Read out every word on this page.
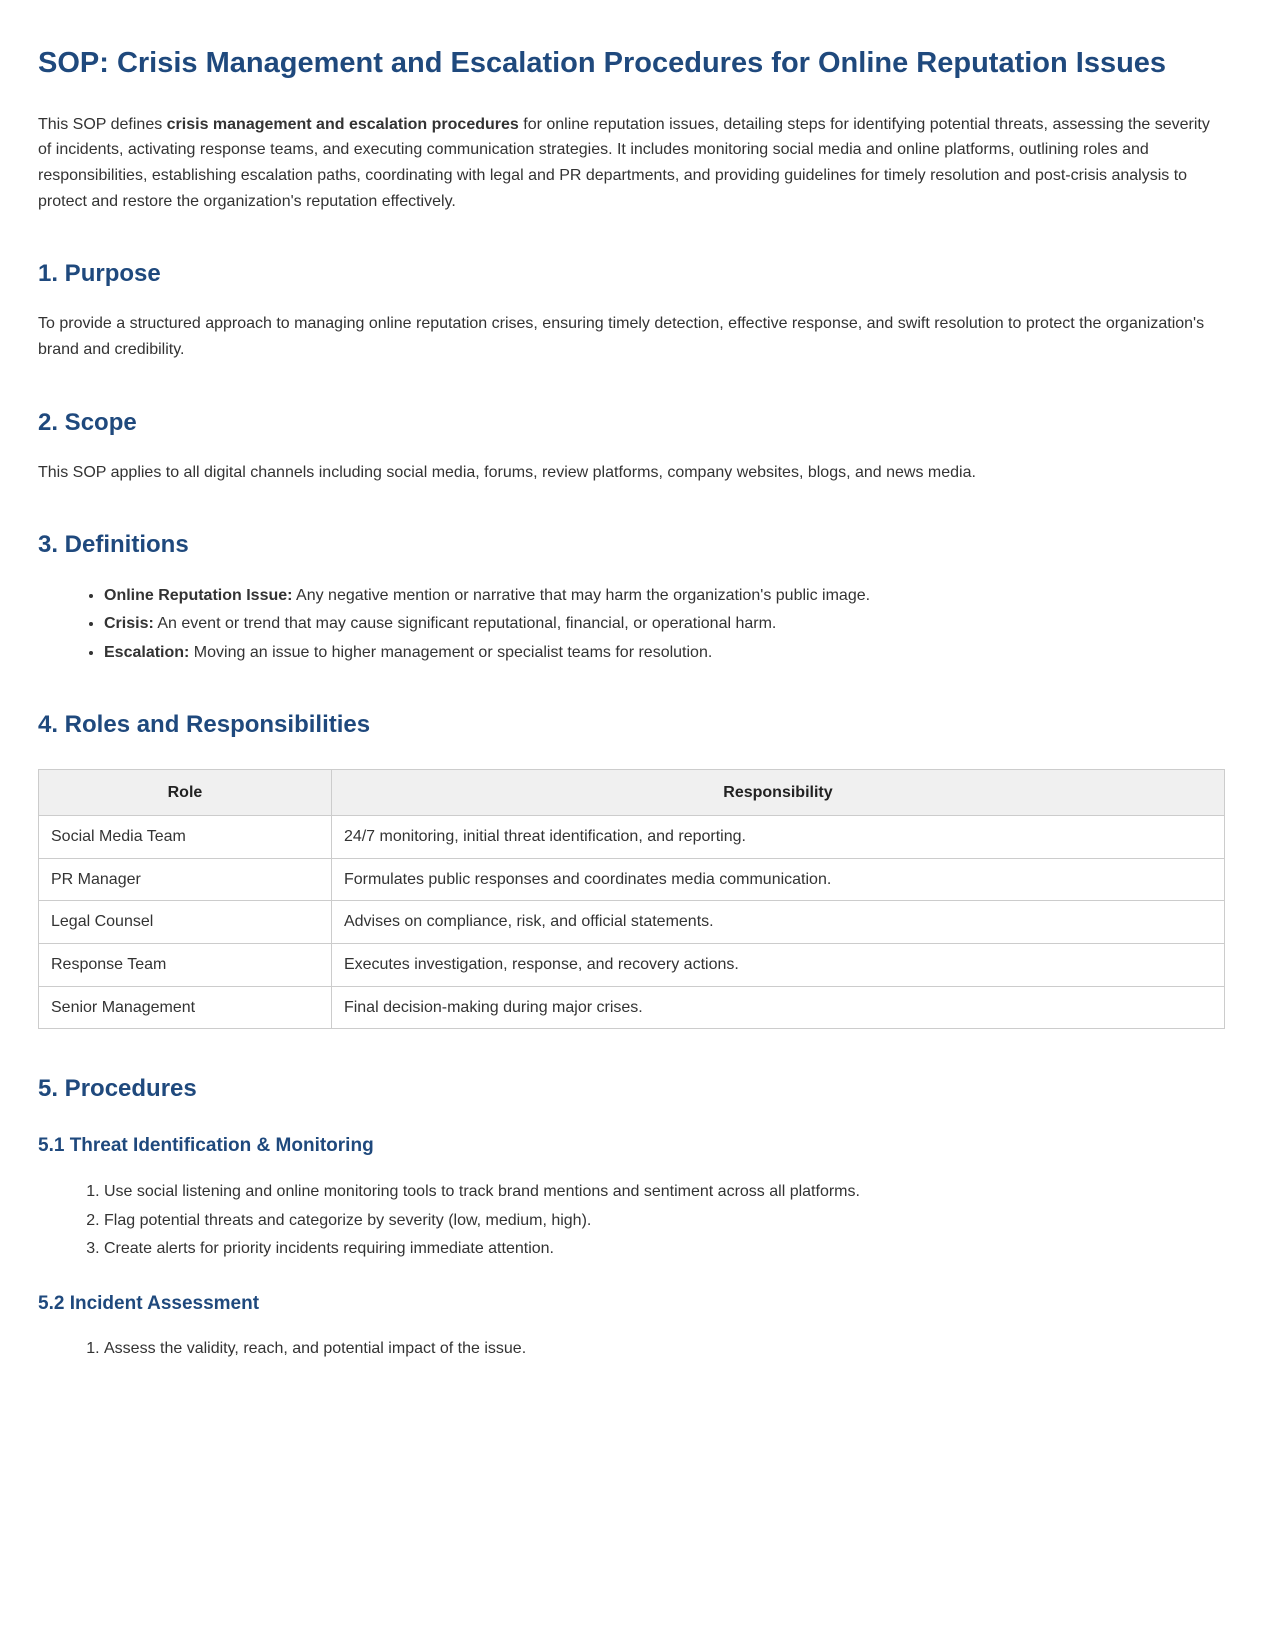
SOP: Crisis Management and Escalation Procedures for Online Reputation Issues

This SOP defines crisis management and escalation procedures for online reputation issues, detailing steps for identifying potential threats, assessing the severity of incidents, activating response teams, and executing communication strategies. It includes monitoring social media and online platforms, outlining roles and responsibilities, establishing escalation paths, coordinating with legal and PR departments, and providing guidelines for timely resolution and post-crisis analysis to protect and restore the organization's reputation effectively.

1. Purpose

To provide a structured approach to managing online reputation crises, ensuring timely detection, effective response, and swift resolution to protect the organization's brand and credibility.

2. Scope

This SOP applies to all digital channels including social media, forums, review platforms, company websites, blogs, and news media.

3. Definitions
• Online Reputation Issue: Any negative mention or narrative that may harm the organization's public image.
• Crisis: An event or trend that may cause significant reputational, financial, or operational harm.
• Escalation: Moving an issue to higher management or specialist teams for resolution.
4. Roles and Responsibilities
Role	Responsibility
Social Media Team	24/7 monitoring, initial threat identification, and reporting.
PR Manager	Formulates public responses and coordinates media communication.
Legal Counsel	Advises on compliance, risk, and official statements.
Response Team	Executes investigation, response, and recovery actions.
Senior Management	Final decision-making during major crises.
5. Procedures
5.1 Threat Identification & Monitoring
1. Use social listening and online monitoring tools to track brand mentions and sentiment across all platforms.
2. Flag potential threats and categorize by severity (low, medium, high).
3. Create alerts for priority incidents requiring immediate attention.
5.2 Incident Assessment
1. Assess the validity, reach, and potential impact of the issue.
